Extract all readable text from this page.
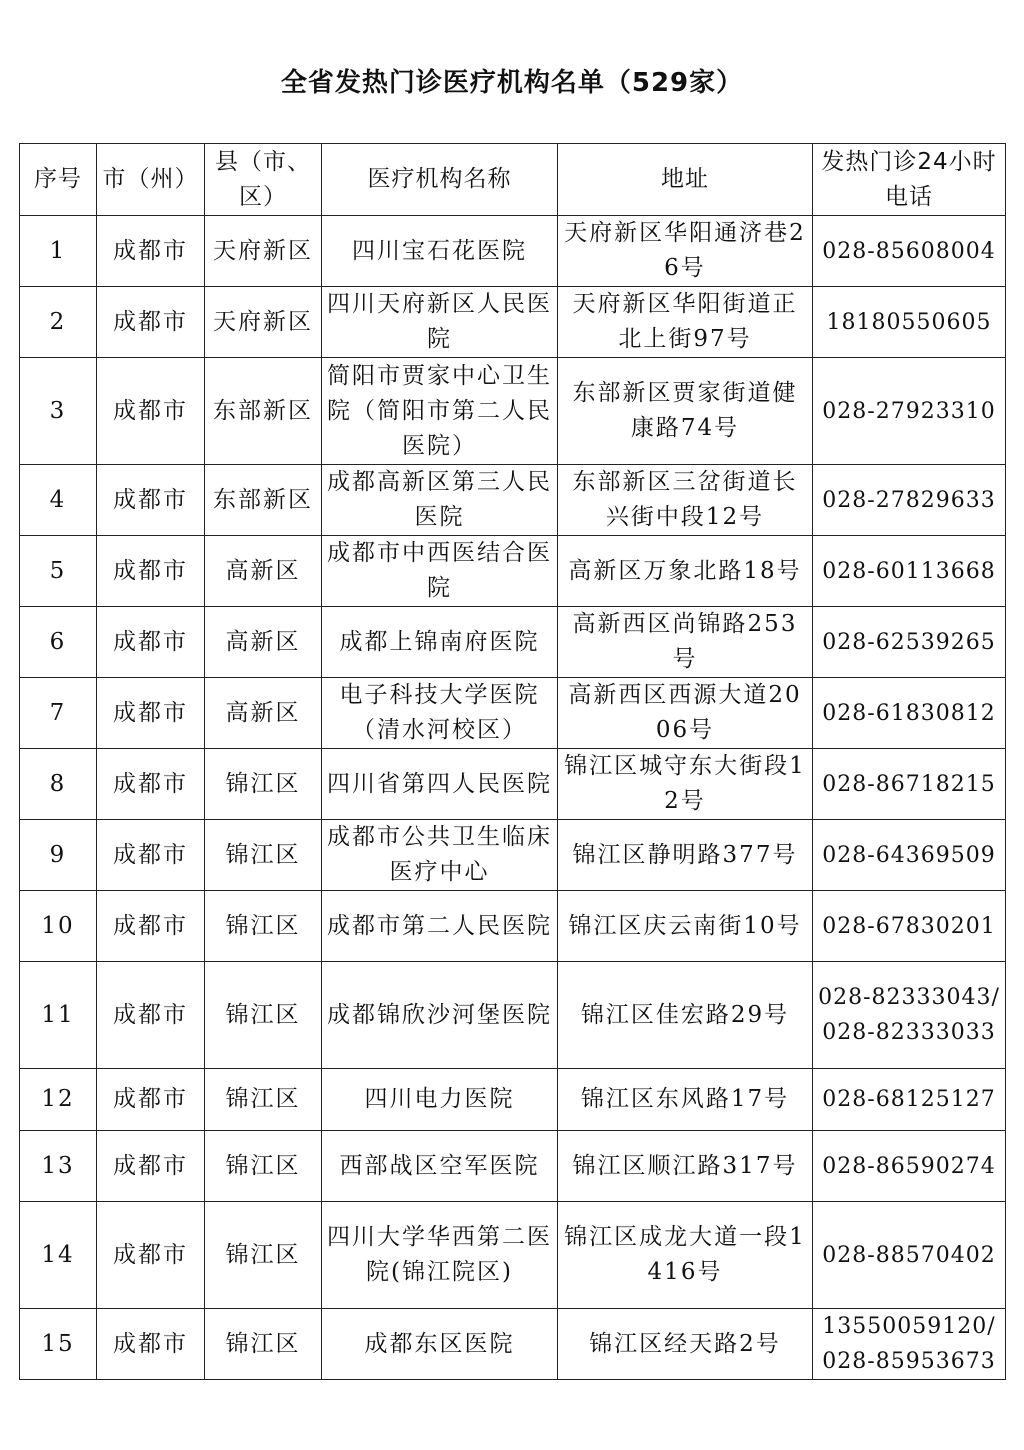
全省发热门诊医疗机构名单（529家）
序号	市（州）	县（市、区）	医疗机构名称	地址	发热门诊24小时电话
1	成都市	天府新区	四川宝石花医院	天府新区华阳通济巷26号	028-85608004
2	成都市	天府新区	四川天府新区人民医院	天府新区华阳街道正北上街97号	18180550605
3	成都市	东部新区	简阳市贾家中心卫生院（简阳市第二人民医院）	东部新区贾家街道健康路74号	028-27923310
4	成都市	东部新区	成都高新区第三人民医院	东部新区三岔街道长兴街中段12号	028-27829633
5	成都市	高新区	成都市中西医结合医院	高新区万象北路18号	028-60113668
6	成都市	高新区	成都上锦南府医院	高新西区尚锦路253号	028-62539265
7	成都市	高新区	电子科技大学医院（清水河校区）	高新西区西源大道2006号	028-61830812
8	成都市	锦江区	四川省第四人民医院	锦江区城守东大街段12号	028-86718215
9	成都市	锦江区	成都市公共卫生临床医疗中心	锦江区静明路377号	028-64369509
10	成都市	锦江区	成都市第二人民医院	锦江区庆云南街10号	028-67830201
11	成都市	锦江区	成都锦欣沙河堡医院	锦江区佳宏路29号	028-82333043/028-82333033
12	成都市	锦江区	四川电力医院	锦江区东风路17号	028-68125127
13	成都市	锦江区	西部战区空军医院	锦江区顺江路317号	028-86590274
14	成都市	锦江区	四川大学华西第二医院(锦江院区)	锦江区成龙大道一段1416号	028-88570402
15	成都市	锦江区	成都东区医院	锦江区经天路2号	13550059120/028-85953673
